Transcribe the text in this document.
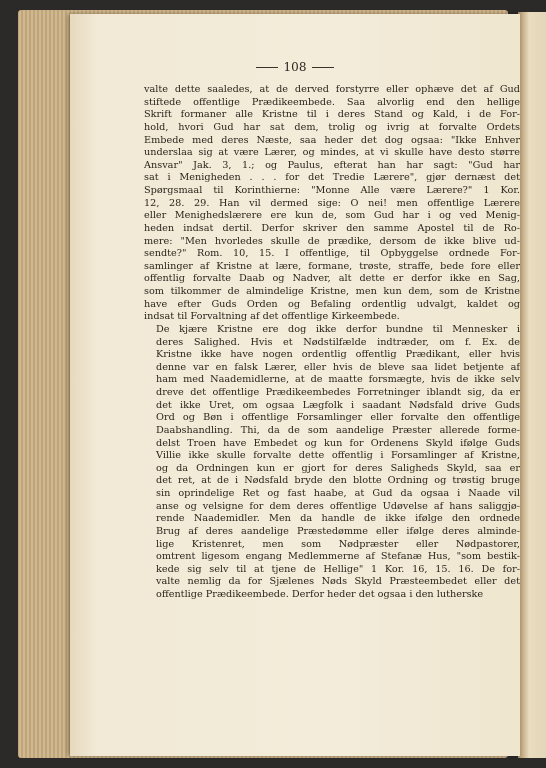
108

valte dette saaledes, at de derved forstyrre eller ophæve det af Gud
stiftede offentlige Prædikeembede. Saa alvorlig end den hellige
Skrift formaner alle Kristne til i deres Stand og Kald, i de For-
hold, hvori Gud har sat dem, trolig og ivrig at forvalte Ordets
Embede med deres Næste, saa heder det dog ogsaa: "Ikke Enhver
underslaa sig at være Lærer, og mindes, at vi skulle have desto større
Ansvar" Jak. 3, 1.; og Paulus, efterat han har sagt: "Gud har
sat i Menigheden . . . for det Tredie Lærere", gjør dernæst det
Spørgsmaal til Korinthierne: "Monne Alle være Lærere?" 1 Kor.
12, 28. 29. Han vil dermed sige: O nei! men offentlige Lærere
eller Menighedslærere ere kun de, som Gud har i og ved Menig-
heden indsat dertil. Derfor skriver den samme Apostel til de Ro-
mere: "Men hvorledes skulle de prædike, dersom de ikke blive ud-
sendte?" Rom. 10, 15. I offentlige, til Opbyggelse ordnede For-
samlinger af Kristne at lære, formane, trøste, straffe, bede fore eller
offentlig forvalte Daab og Nadver, alt dette er derfor ikke en Sag,
som tilkommer de almindelige Kristne, men kun dem, som de Kristne
have efter Guds Orden og Befaling ordentlig udvalgt, kaldet og
indsat til Forvaltning af det offentlige Kirkeembede.

De kjære Kristne ere dog ikke derfor bundne til Mennesker i
deres Salighed. Hvis et Nødstilfælde indtræder, om f. Ex. de
Kristne ikke have nogen ordentlig offentlig Prædikant, eller hvis
denne var en falsk Lærer, eller hvis de bleve saa lidet betjente af
ham med Naademidlerne, at de maatte forsmægte, hvis de ikke selv
dreve det offentlige Prædikeembedes Forretninger iblandt sig, da er
det ikke Uret, om ogsaa Lægfolk i saadant Nødsfald drive Guds
Ord og Bøn i offentlige Forsamlinger eller forvalte den offentlige
Daabshandling. Thi, da de som aandelige Præster allerede forme-
delst Troen have Embedet og kun for Ordenens Skyld ifølge Guds
Villie ikke skulle forvalte dette offentlig i Forsamlinger af Kristne,
og da Ordningen kun er gjort for deres Saligheds Skyld, saa er
det ret, at de i Nødsfald bryde den blotte Ordning og trøstig bruge
sin oprindelige Ret og fast haabe, at Gud da ogsaa i Naade vil
anse og velsigne for dem deres offentlige Udøvelse af hans saliggjø-
rende Naademidler. Men da handle de ikke ifølge den ordnede
Brug af deres aandelige Præstedømme eller ifølge deres alminde-
lige Kristenret, men som Nødpræster eller Nødpastorer,
omtrent ligesom engang Medlemmerne af Stefanæ Hus, "som bestik-
kede sig selv til at tjene de Hellige" 1 Kor. 16, 15. 16. De for-
valte nemlig da for Sjælenes Nøds Skyld Præsteembedet eller det
offentlige Prædikeembede. Derfor heder det ogsaa i den lutherske
